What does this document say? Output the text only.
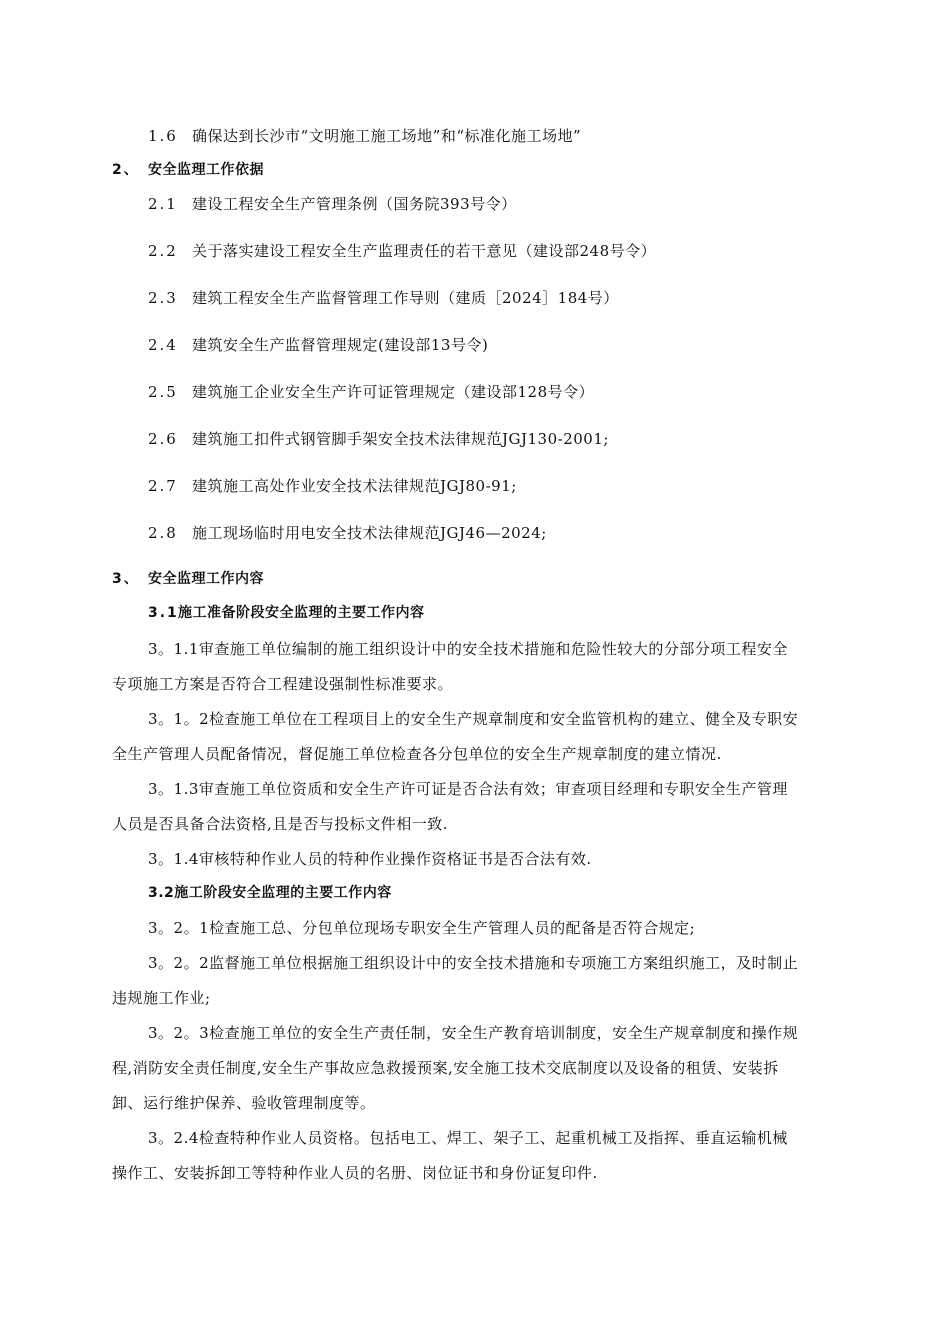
1.6 确保达到长沙市“文明施工施工场地”和“标准化施工场地”
2、 安全监理工作依据
2.1 建设工程安全生产管理条例（国务院393号令）
2.2 关于落实建设工程安全生产监理责任的若干意见（建设部248号令）
2.3 建筑工程安全生产监督管理工作导则（建质［2024］184号）
2.4 建筑安全生产监督管理规定(建设部13号令)
2.5 建筑施工企业安全生产许可证管理规定（建设部128号令）
2.6 建筑施工扣件式钢管脚手架安全技术法律规范JGJ130-2001;
2.7 建筑施工高处作业安全技术法律规范JGJ80-91;
2.8 施工现场临时用电安全技术法律规范JGJ46—2024;
3、 安全监理工作内容
3.1施工准备阶段安全监理的主要工作内容
3。1.1审查施工单位编制的施工组织设计中的安全技术措施和危险性较大的分部分项工程安全
专项施工方案是否符合工程建设强制性标准要求。
3。1。2检查施工单位在工程项目上的安全生产规章制度和安全监管机构的建立、健全及专职安
全生产管理人员配备情况，督促施工单位检查各分包单位的安全生产规章制度的建立情况.
3。1.3审查施工单位资质和安全生产许可证是否合法有效；审查项目经理和专职安全生产管理
人员是否具备合法资格,且是否与投标文件相一致.
3。1.4审核特种作业人员的特种作业操作资格证书是否合法有效.
3.2施工阶段安全监理的主要工作内容
3。2。1检查施工总、分包单位现场专职安全生产管理人员的配备是否符合规定;
3。2。2监督施工单位根据施工组织设计中的安全技术措施和专项施工方案组织施工，及时制止
违规施工作业;
3。2。3检查施工单位的安全生产责任制，安全生产教育培训制度，安全生产规章制度和操作规
程,消防安全责任制度,安全生产事故应急救援预案,安全施工技术交底制度以及设备的租赁、安装拆
卸、运行维护保养、验收管理制度等。
3。2.4检查特种作业人员资格。包括电工、焊工、架子工、起重机械工及指挥、垂直运输机械
操作工、安装拆卸工等特种作业人员的名册、岗位证书和身份证复印件.
